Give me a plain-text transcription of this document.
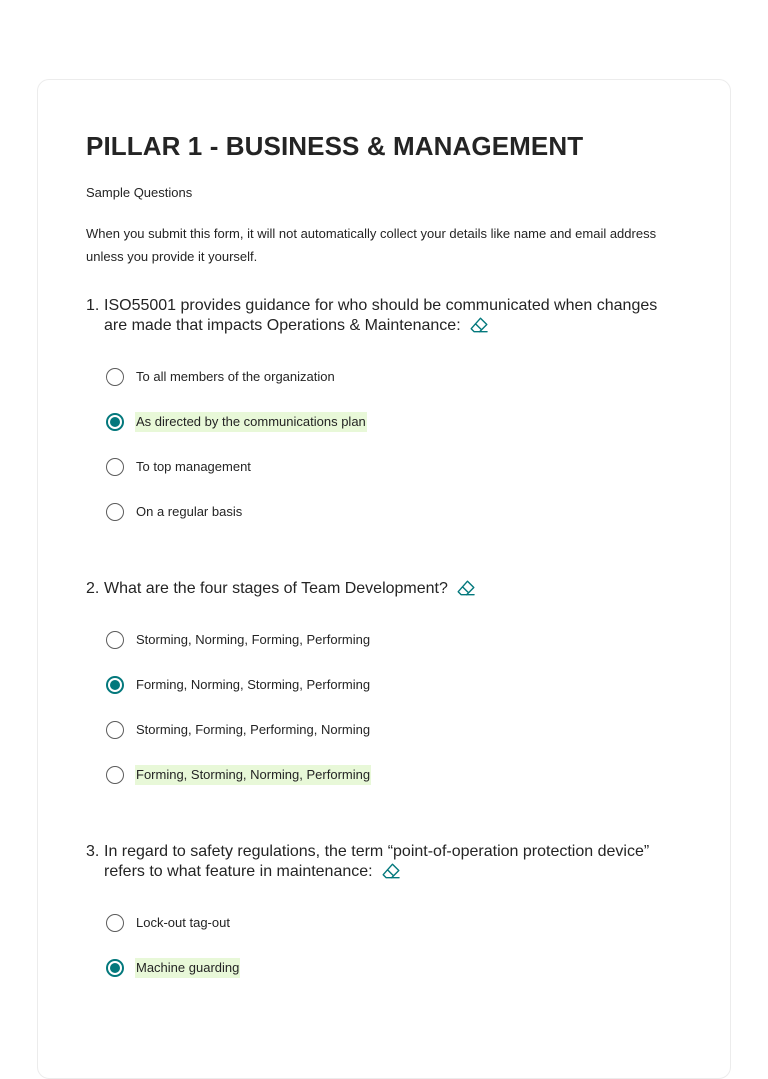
PILLAR 1 - BUSINESS & MANAGEMENT
Sample Questions
When you submit this form, it will not automatically collect your details like name and email address unless you provide it yourself.
1. ISO55001 provides guidance for who should be communicated when changes are made that impacts Operations & Maintenance:
To all members of the organization
As directed by the communications plan
To top management
On a regular basis
2. What are the four stages of Team Development?
Storming, Norming, Forming, Performing
Forming, Norming, Storming, Performing
Storming, Forming, Performing, Norming
Forming, Storming, Norming, Performing
3. In regard to safety regulations, the term “point-of-operation protection device” refers to what feature in maintenance:
Lock-out tag-out
Machine guarding
